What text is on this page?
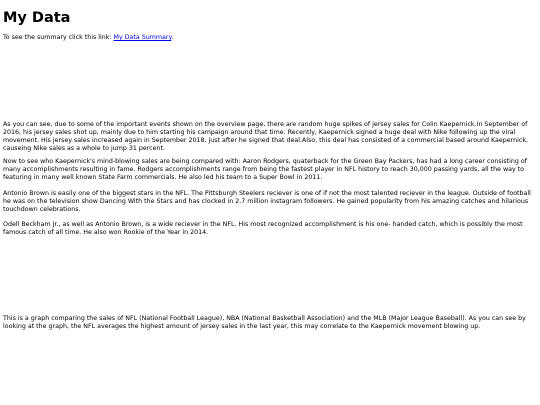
My Data

To see the summary click this link: My Data Summary.

As you can see, due to some of the important events shown on the overview page, there are random huge spikes of jersey sales for Colin Kaepernick.In September of 2016, his jersey sales shot up, mainly due to him starting his campaign around that time. Recently, Kaepernick signed a huge deal with Nike following up the viral movement. His jersey sales increased again in September 2018, just after he signed that deal.Also, this deal has consisted of a commercial based around Kaepernick, causeing Nike sales as a whole to jump 31 percent.

Now to see who Kaepernick's mind-blowing sales are being compared with: Aaron Rodgers, quaterback for the Green Bay Packers, has had a long career consisting of many accomplishments resulting in fame. Rodgers accomplishments range from being the fastest player in NFL history to reach 30,000 passing yards, all the way to featuring in many well known State Farm commercials. He also led his team to a Super Bowl in 2011.

Antonio Brown is easily one of the biggest stars in the NFL. The Pittsburgh Steelers reciever is one of if not the most talented reciever in the league. Outside of football he was on the television show Dancing With the Stars and has clocked in 2.7 million instagram followers. He gained popularity from his amazing catches and hilarious touchdown celebrations.

Odell Beckham Jr., as well as Antonio Brown, is a wide reciever in the NFL. His most recognized accomplishment is his one- handed catch, which is possibly the most famous catch of all time. He also won Rookie of the Year in 2014.

This is a graph comparing the sales of NFL (National Football League), NBA (National Basketball Association) and the MLB (Major League Baseball). As you can see by looking at the graph, the NFL averages the highest amount of jersey sales in the last year, this may correlate to the Kaepernick movement blowing up.
